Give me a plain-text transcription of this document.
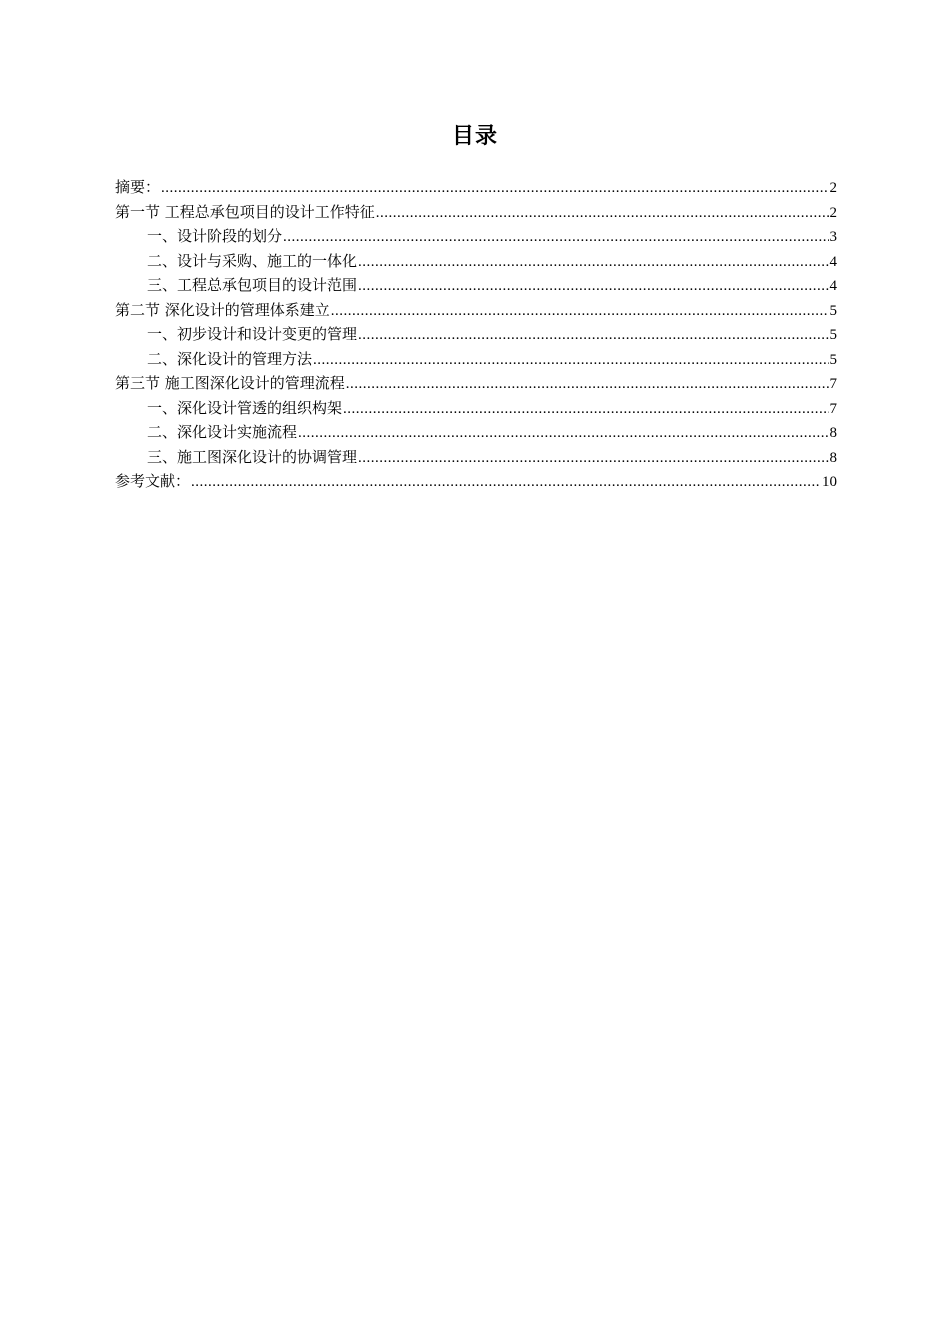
目录
摘要： .....	2
第一节 工程总承包项目的设计工作特征 .....	2
一、设计阶段的划分 .....	3
二、设计与采购、施工的一体化 .....	4
三、工程总承包项目的设计范围 .....	4
第二节 深化设计的管理体系建立 .....	5
一、初步设计和设计变更的管理 .....	5
二、深化设计的管理方法 .....	5
第三节 施工图深化设计的管理流程 .....	7
一、深化设计管透的组织构架 .....	7
二、深化设计实施流程 .....	8
三、施工图深化设计的协调管理 .....	8
参考文献： .....	10
